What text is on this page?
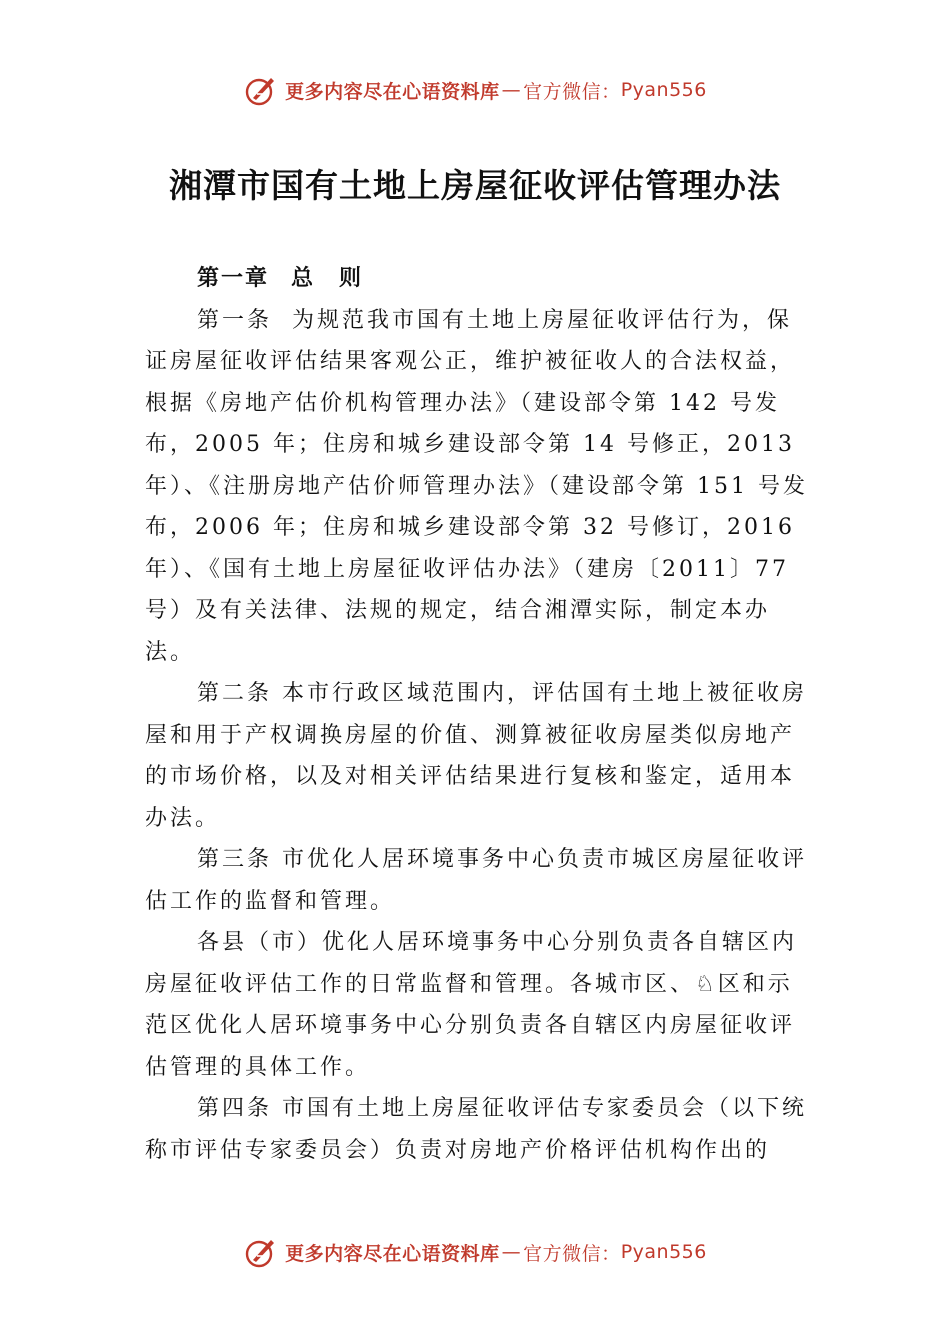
更多内容尽在心语资料库 — 官方微信： Pyan556
湘潭市国有土地上房屋征收评估管理办法
第一章 总　则

第一条 为规范我市国有土地上房屋征收评估行为，保证房屋征收评估结果客观公正，维护被征收人的合法权益，根据《房地产估价机构管理办法》（建设部令第 142 号发布，2005 年；住房和城乡建设部令第 14 号修正，2013 年）、《注册房地产估价师管理办法》（建设部令第 151 号发布，2006 年；住房和城乡建设部令第 32 号修订，2016 年）、《国有土地上房屋征收评估办法》（建房〔2011〕77 号）及有关法律、法规的规定，结合湘潭实际，制定本办法。

第二条 本市行政区域范围内，评估国有土地上被征收房屋和用于产权调换房屋的价值、测算被征收房屋类似房地产的市场价格，以及对相关评估结果进行复核和鉴定，适用本办法。

第三条 市优化人居环境事务中心负责市城区房屋征收评估工作的监督和管理。

各县（市）优化人居环境事务中心分别负责各自辖区内房屋征收评估工作的日常监督和管理。各城市区、♘区和示范区优化人居环境事务中心分别负责各自辖区内房屋征收评估管理的具体工作。

第四条 市国有土地上房屋征收评估专家委员会（以下统称市评估专家委员会）负责对房地产价格评估机构作出的

更多内容尽在心语资料库 — 官方微信： Pyan556
